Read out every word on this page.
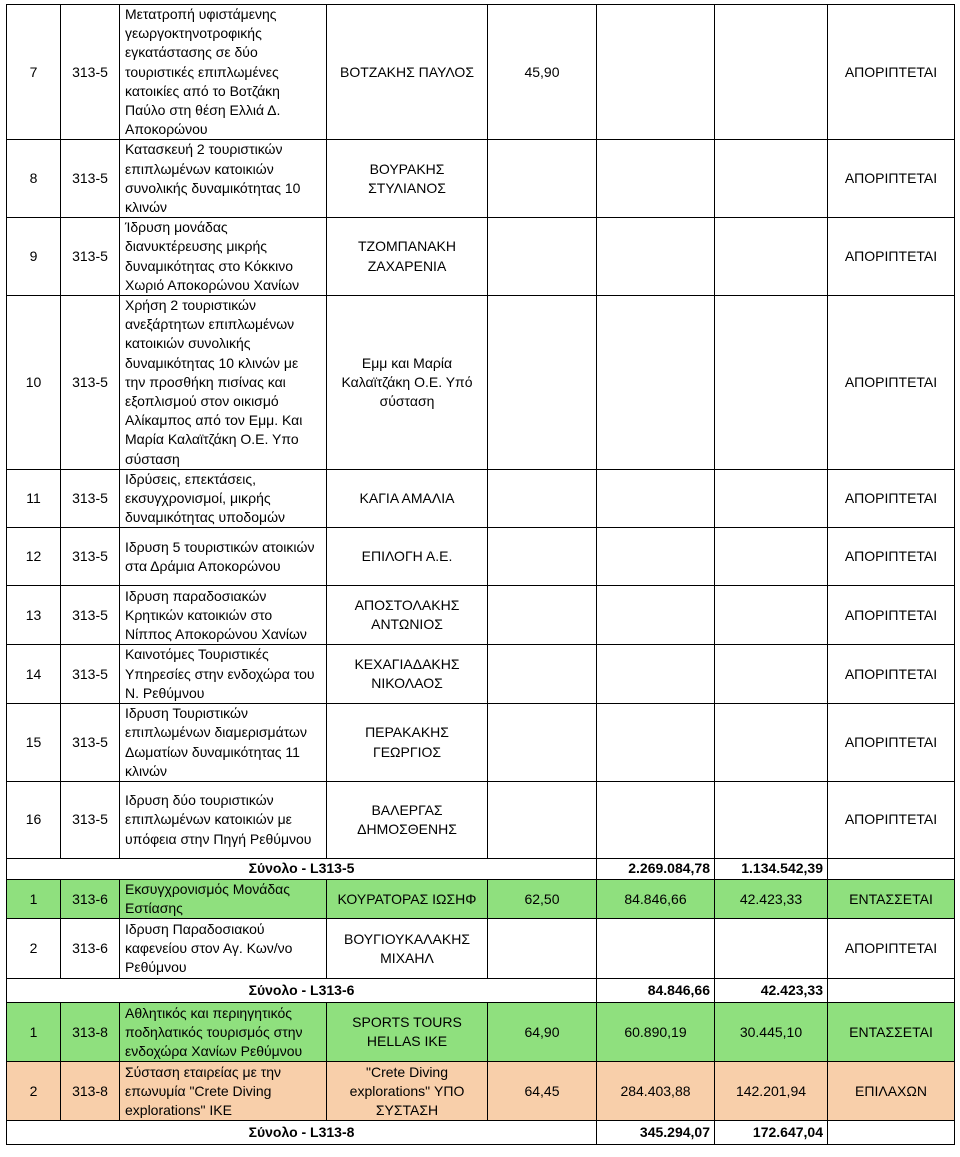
7	313-5	Μετατροπή υφιστάμενης γεωργοκτηνοτροφικής εγκατάστασης σε δύο τουριστικές επιπλωμένες κατοικίες από το Βοτζάκη Παύλο στη θέση Ελλιά Δ. Αποκορώνου	ΒΟΤΖΑΚΗΣ ΠΑΥΛΟΣ	45,90			ΑΠΟΡΙΠΤΕΤΑΙ
8	313-5	Κατασκευή 2 τουριστικών επιπλωμένων κατοικιών συνολικής δυναμικότητας 10 κλινών	ΒΟΥΡΑΚΗΣ ΣΤΥΛΙΑΝΟΣ				ΑΠΟΡΙΠΤΕΤΑΙ
9	313-5	Ίδρυση μονάδας διανυκτέρευσης μικρής δυναμικότητας στο Κόκκινο Χωριό Αποκορώνου Χανίων	ΤΖΟΜΠΑΝΑΚΗ ΖΑΧΑΡΕΝΙΑ				ΑΠΟΡΙΠΤΕΤΑΙ
10	313-5	Χρήση 2 τουριστικών ανεξάρτητων επιπλωμένων κατοικιών συνολικής δυναμικότητας 10 κλινών με την προσθήκη πισίνας και εξοπλισμού στον οικισμό Αλίκαμπος από τον Εμμ. Και Μαρία Καλαϊτζάκη Ο.Ε. Υπο σύσταση	Εμμ και Μαρία Καλαϊτζάκη Ο.Ε. Υπό σύσταση				ΑΠΟΡΙΠΤΕΤΑΙ
11	313-5	Ιδρύσεις, επεκτάσεις, εκσυγχρονισμοί, μικρής δυναμικότητας υποδομών	ΚΑΓΙΑ ΑΜΑΛΙΑ				ΑΠΟΡΙΠΤΕΤΑΙ
12	313-5	Ιδρυση 5 τουριστικών ατοικιών στα Δράμια Αποκορώνου	ΕΠΙΛΟΓΗ Α.Ε.				ΑΠΟΡΙΠΤΕΤΑΙ
13	313-5	Ιδρυση παραδοσιακών Κρητικών κατοικιών στο Νίππος Αποκορώνου Χανίων	ΑΠΟΣΤΟΛΑΚΗΣ ΑΝΤΩΝΙΟΣ				ΑΠΟΡΙΠΤΕΤΑΙ
14	313-5	Καινοτόμες Τουριστικές Υπηρεσίες στην ενδοχώρα του Ν. Ρεθύμνου	ΚΕΧΑΓΙΑΔΑΚΗΣ ΝΙΚΟΛΑΟΣ				ΑΠΟΡΙΠΤΕΤΑΙ
15	313-5	Ιδρυση Τουριστικών επιπλωμένων διαμερισμάτων Δωματίων δυναμικότητας 11 κλινών	ΠΕΡΑΚΑΚΗΣ ΓΕΩΡΓΙΟΣ				ΑΠΟΡΙΠΤΕΤΑΙ
16	313-5	Ιδρυση δύο τουριστικών επιπλωμένων κατοικιών με υπόφεια στην Πηγή Ρεθύμνου	ΒΑΛΕΡΓΑΣ ΔΗΜΟΣΘΕΝΗΣ				ΑΠΟΡΙΠΤΕΤΑΙ
Σύνολο - L313-5					2.269.084,78	1.134.542,39	
1	313-6	Εκσυγχρονισμός Μονάδας Εστίασης	ΚΟΥΡΑΤΟΡΑΣ ΙΩΣΗΦ	62,50	84.846,66	42.423,33	ΕΝΤΑΣΣΕΤΑΙ
2	313-6	Ιδρυση Παραδοσιακού καφενείου στον Αγ. Κων/νο Ρεθύμνου	ΒΟΥΓΙΟΥΚΑΛΑΚΗΣ ΜΙΧΑΗΛ				ΑΠΟΡΙΠΤΕΤΑΙ
Σύνολο - L313-6					84.846,66	42.423,33	
1	313-8	Αθλητικός και περιηγητικός ποδηλατικός τουρισμός στην ενδοχώρα Χανίων Ρεθύμνου	SPORTS TOURS HELLAS IKE	64,90	60.890,19	30.445,10	ΕΝΤΑΣΣΕΤΑΙ
2	313-8	Σύσταση εταιρείας με την επωνυμία "Crete Diving explorations" ΙΚΕ	"Crete Diving explorations" ΥΠΟ ΣΥΣΤΑΣΗ	64,45	284.403,88	142.201,94	ΕΠΙΛΑΧΩΝ
Σύνολο - L313-8					345.294,07	172.647,04	
